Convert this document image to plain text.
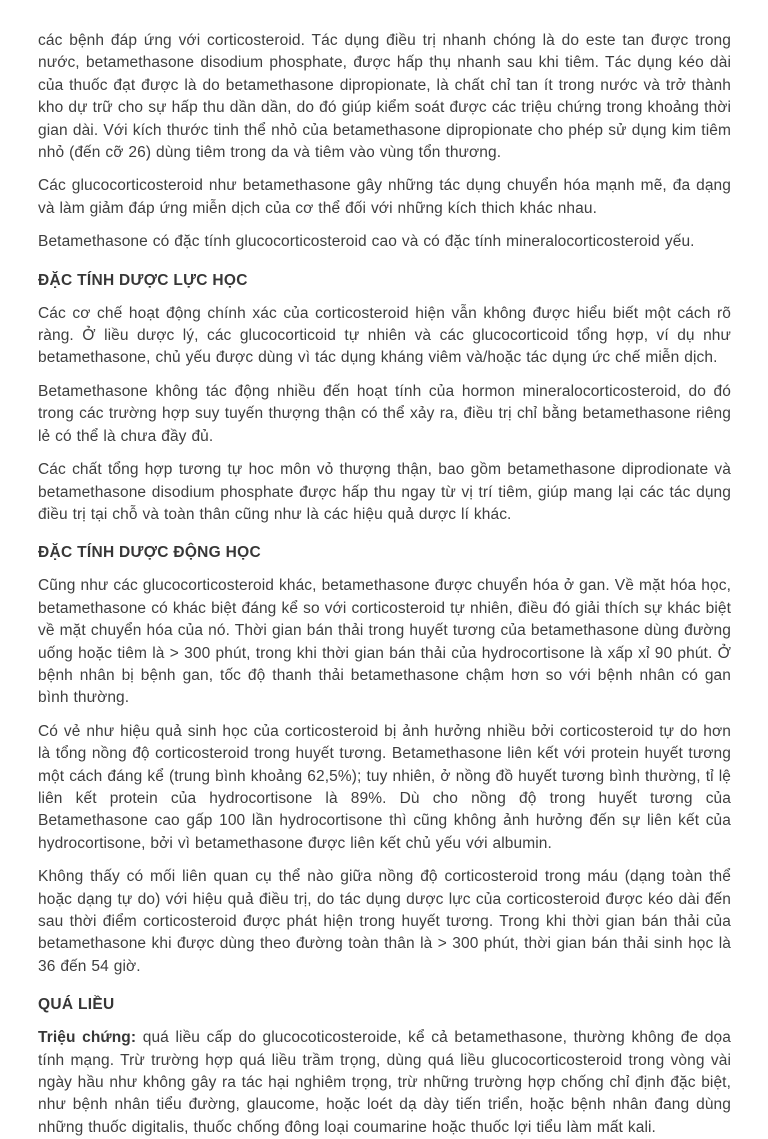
các bệnh đáp ứng với corticosteroid. Tác dụng điều trị nhanh chóng là do este tan được trong nước, betamethasone disodium phosphate, được hấp thụ nhanh sau khi tiêm. Tác dụng kéo dài của thuốc đạt được là do betamethasone dipropionate, là chất chỉ tan ít trong nước và trở thành kho dự trữ cho sự hấp thu dần dần, do đó giúp kiểm soát được các triệu chứng trong khoảng thời gian dài. Với kích thước tinh thể nhỏ của betamethasone dipropionate cho phép sử dụng kim tiêm nhỏ (đến cỡ 26) dùng tiêm trong da và tiêm vào vùng tổn thương.

Các glucocorticosteroid như betamethasone gây những tác dụng chuyển hóa mạnh mẽ, đa dạng và làm giảm đáp ứng miễn dịch của cơ thể đối với những kích thich khác nhau.

Betamethasone có đặc tính glucocorticosteroid cao và có đặc tính mineralocorticosteroid yếu.

ĐẶC TÍNH DƯỢC LỰC HỌC

Các cơ chế hoạt động chính xác của corticosteroid hiện vẫn không được hiểu biết một cách rõ ràng. Ở liều dược lý, các glucocorticoid tự nhiên và các glucocorticoid tổng hợp, ví dụ như betamethasone, chủ yếu được dùng vì tác dụng kháng viêm và/hoặc tác dụng ức chế miễn dịch.

Betamethasone không tác động nhiều đến hoạt tính của hormon mineralocorticosteroid, do đó trong các trường hợp suy tuyến thượng thận có thể xảy ra, điều trị chỉ bằng betamethasone riêng lẻ có thể là chưa đầy đủ.

Các chất tổng hợp tương tự hoc môn vỏ thượng thận, bao gồm betamethasone diprodionate và betamethasone disodium phosphate được hấp thu ngay từ vị trí tiêm, giúp mang lại các tác dụng điều trị tại chỗ và toàn thân cũng như là các hiệu quả dược lí khác.

ĐẶC TÍNH DƯỢC ĐỘNG HỌC

Cũng như các glucocorticosteroid khác, betamethasone được chuyển hóa ở gan. Về mặt hóa học, betamethasone có khác biệt đáng kể so với corticosteroid tự nhiên, điều đó giải thích sự khác biệt về mặt chuyển hóa của nó. Thời gian bán thải trong huyết tương của betamethasone dùng đường uống hoặc tiêm là > 300 phút, trong khi thời gian bán thải của hydrocortisone là xấp xỉ 90 phút. Ở bệnh nhân bị bệnh gan, tốc độ thanh thải betamethasone chậm hơn so với bệnh nhân có gan bình thường.

Có vẻ như hiệu quả sinh học của corticosteroid bị ảnh hưởng nhiều bởi corticosteroid tự do hơn là tổng nồng độ corticosteroid trong huyết tương. Betamethasone liên kết với protein huyết tương một cách đáng kể (trung bình khoảng 62,5%); tuy nhiên, ở nồng đồ huyết tương bình thường, tỉ lệ liên kết protein của hydrocortisone là 89%. Dù cho nồng độ trong huyết tương của Betamethasone cao gấp 100 lần hydrocortisone thì cũng không ảnh hưởng đến sự liên kết của hydrocortisone, bởi vì betamethasone được liên kết chủ yếu với albumin.

Không thấy có mối liên quan cụ thể nào giữa nồng độ corticosteroid trong máu (dạng toàn thể hoặc dạng tự do) với hiệu quả điều trị, do tác dụng dược lực của corticosteroid được kéo dài đến sau thời điểm corticosteroid được phát hiện trong huyết tương. Trong khi thời gian bán thải của betamethasone khi được dùng theo đường toàn thân là > 300 phút, thời gian bán thải sinh học là 36 đến 54 giờ.

QUÁ LIỀU

Triệu chứng: quá liều cấp do glucocoticosteroide, kể cả betamethasone, thường không đe dọa tính mạng. Trừ trường hợp quá liều trầm trọng, dùng quá liều glucocorticosteroid trong vòng vài ngày hầu như không gây ra tác hại nghiêm trọng, trừ những trường hợp chống chỉ định đặc biệt, như bệnh nhân tiểu đường, glaucome, hoặc loét dạ dày tiến triển, hoặc bệnh nhân đang dùng những thuốc digitalis, thuốc chống đông loại coumarine hoặc thuốc lợi tiểu làm mất kali.
